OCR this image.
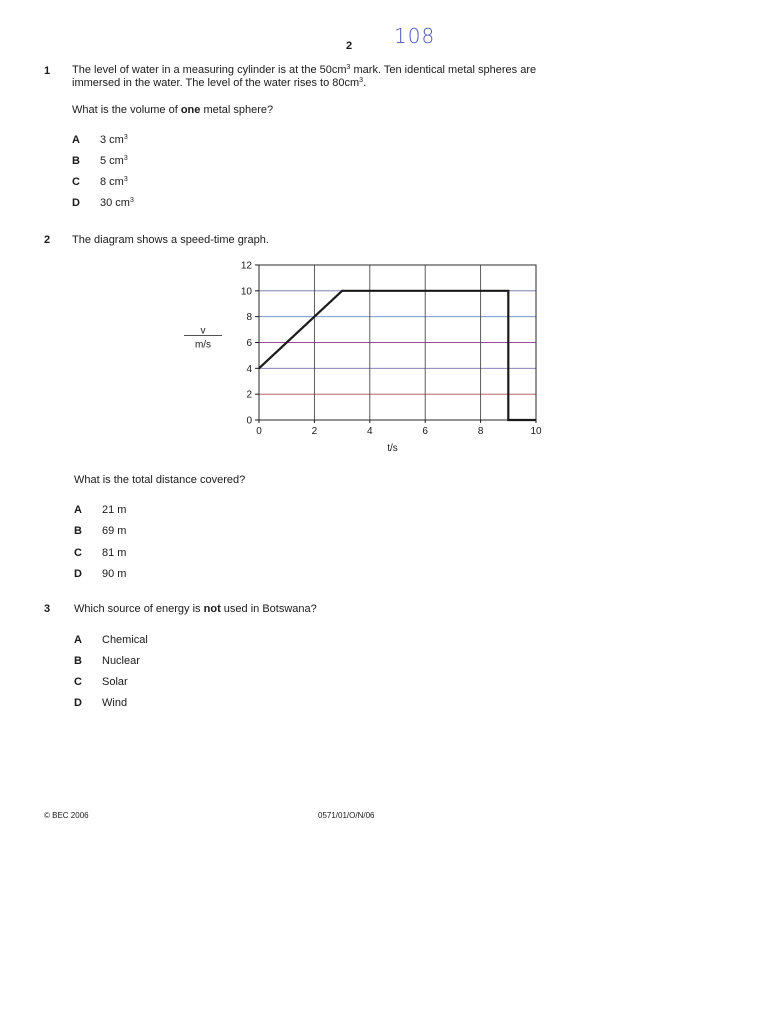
2 108
1 The level of water in a measuring cylinder is at the $50cm^3$ mark. Ten identical metal spheres are
immersed in the water. The level of the water rises to $80cm^3$.
What is the volume of one metal sphere?
A 3 $cm^3$
B 5 $cm^3$
C 8 $cm^3$
D 30 $cm^3$
2 The diagram shows a speed-time graph.
0
2
4
6
8
10
12
0	2	4	6	8	10
t/s
v
m/s
What is the total distance covered?
A 21 m
B 69 m
C 81 m
D 90 m
3 Which source of energy is not used in Botswana?
A Chemical
B Nuclear
C Solar
D Wind
© BEC 2006	0571/01/O/N/06
